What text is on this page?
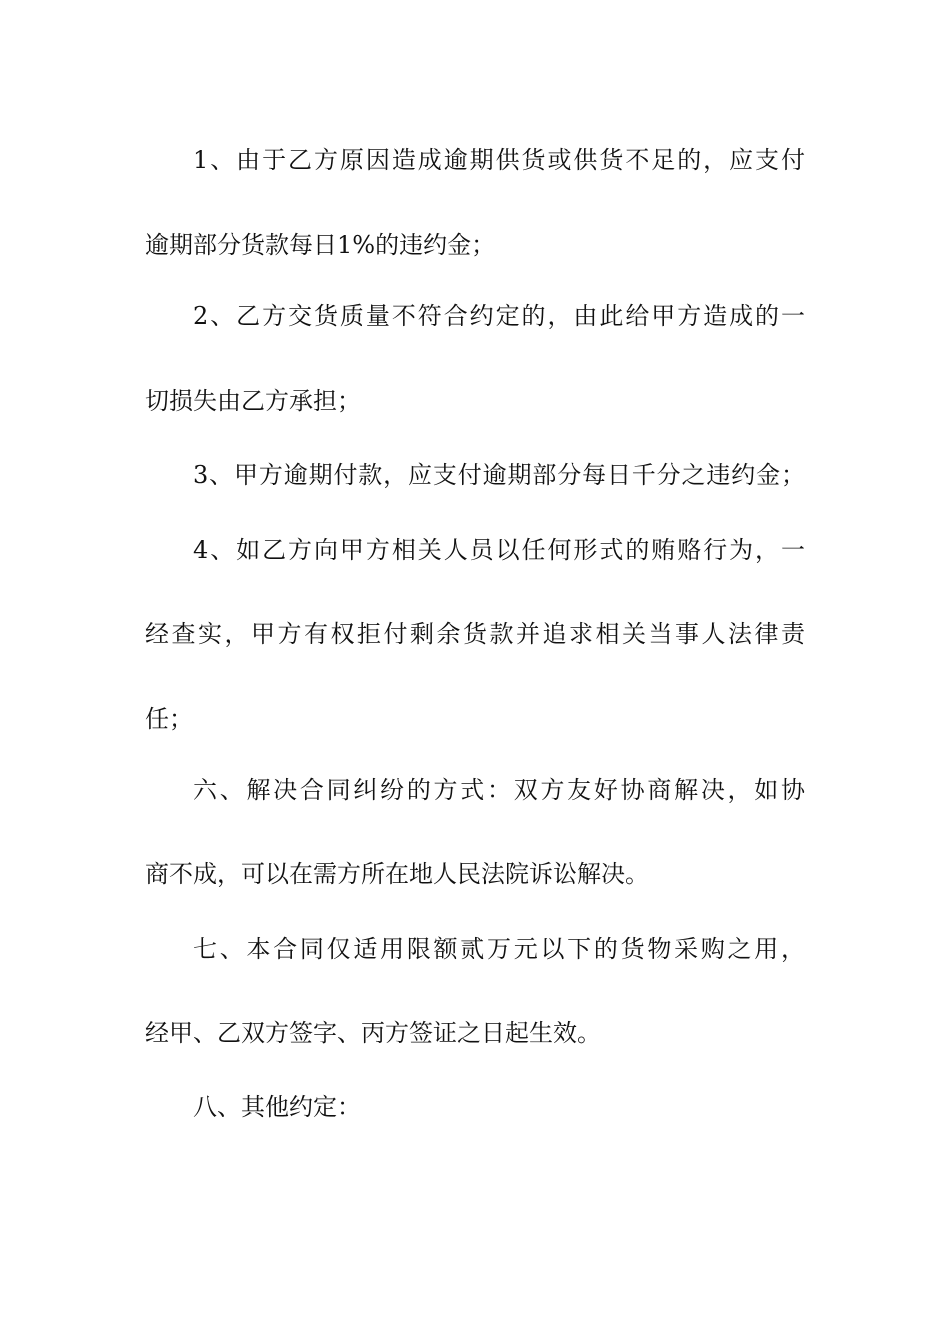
1、由于乙方原因造成逾期供货或供货不足的，应支付
逾期部分货款每日1%的违约金；
2、乙方交货质量不符合约定的，由此给甲方造成的一
切损失由乙方承担；
3、甲方逾期付款，应支付逾期部分每日千分之违约金；
4、如乙方向甲方相关人员以任何形式的贿赂行为，一
经查实，甲方有权拒付剩余货款并追求相关当事人法律责
任；
六、解决合同纠纷的方式：双方友好协商解决，如协
商不成，可以在需方所在地人民法院诉讼解决。
七、本合同仅适用限额贰万元以下的货物采购之用，
经甲、乙双方签字、丙方签证之日起生效。
八、其他约定：
